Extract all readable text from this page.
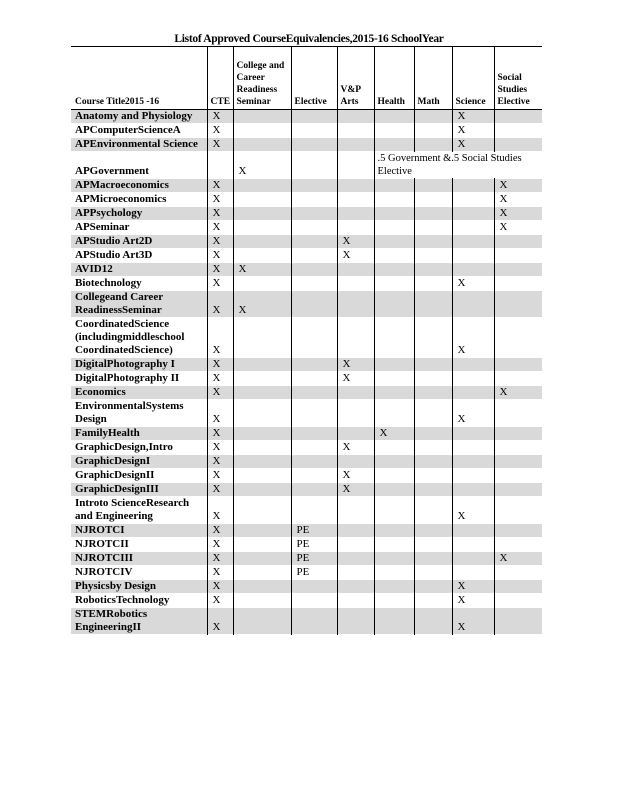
Listof Approved CourseEquivalencies,2015-16 SchoolYear
Course Title2015 -16	CTE	College and Career Readiness Seminar	Elective	V&P Arts	Health	Math	Science	Social Studies Elective
Anatomy and Physiology	X						X	
APComputerScienceA	X						X	
APEnvironmental Science	X						X	
APGovernment		X			.5 Government &.5 Social Studies Elective			
APMacroeconomics	X							X
APMicroeconomics	X							X
APPsychology	X							X
APSeminar	X							X
APStudio Art2D	X			X				
APStudio Art3D	X			X				
AVID12	X	X						
Biotechnology	X						X	
Collegeand Career ReadinessSeminar	X	X						
CoordinatedScience (includingmiddleschool CoordinatedScience)	X						X	
DigitalPhotography I	X			X				
DigitalPhotography II	X			X				
Economics	X							X
EnvironmentalSystems Design	X						X	
FamilyHealth	X				X			
GraphicDesign,Intro	X			X				
GraphicDesignI	X							
GraphicDesignII	X			X				
GraphicDesignIII	X			X				
Introto ScienceResearch and Engineering	X						X	
NJROTCI	X		PE					
NJROTCII	X		PE					
NJROTCIII	X		PE					X
NJROTCIV	X		PE					
Physicsby Design	X						X	
RoboticsTechnology	X						X	
STEMRobotics EngineeringII	X						X	
